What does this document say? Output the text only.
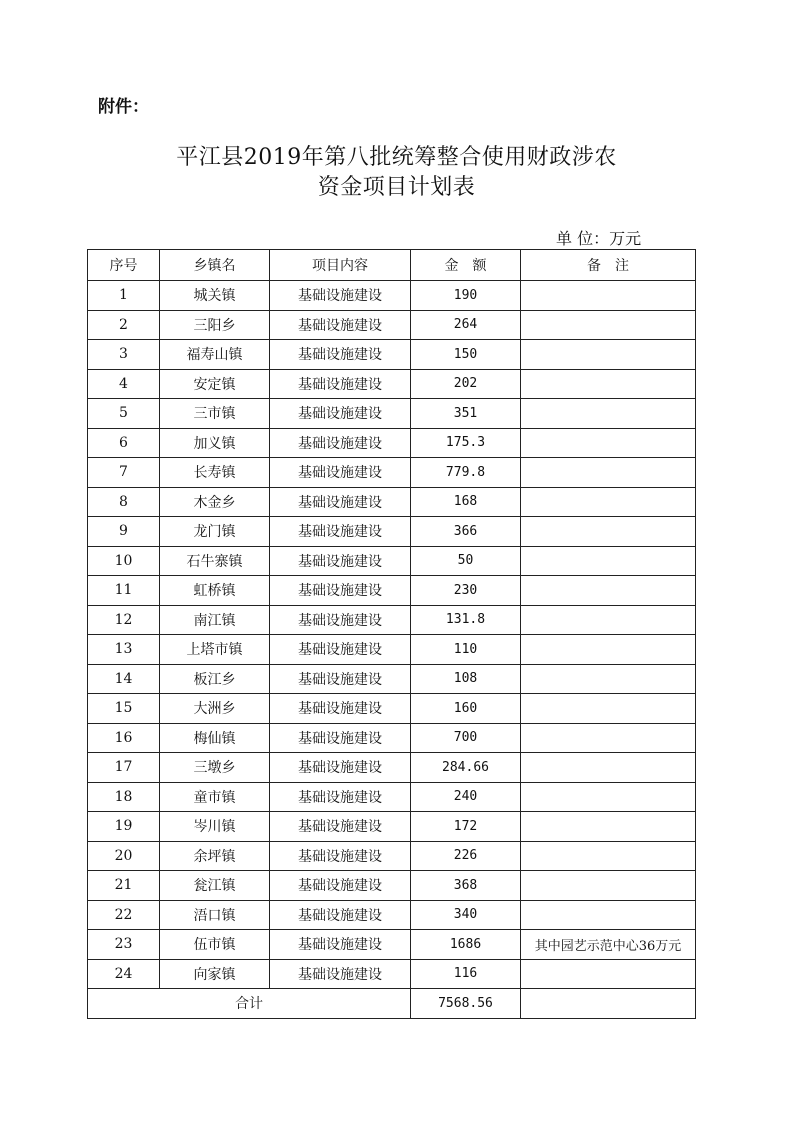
附件：
平江县2019年第八批统筹整合使用财政涉农
资金项目计划表
单 位：万元
序号	乡镇名	项目内容	金　额	备　注
1	城关镇	基础设施建设	190	
2	三阳乡	基础设施建设	264	
3	福寿山镇	基础设施建设	150	
4	安定镇	基础设施建设	202	
5	三市镇	基础设施建设	351	
6	加义镇	基础设施建设	175.3	
7	长寿镇	基础设施建设	779.8	
8	木金乡	基础设施建设	168	
9	龙门镇	基础设施建设	366	
10	石牛寨镇	基础设施建设	50	
11	虹桥镇	基础设施建设	230	
12	南江镇	基础设施建设	131.8	
13	上塔市镇	基础设施建设	110	
14	板江乡	基础设施建设	108	
15	大洲乡	基础设施建设	160	
16	梅仙镇	基础设施建设	700	
17	三墩乡	基础设施建设	284.66	
18	童市镇	基础设施建设	240	
19	岑川镇	基础设施建设	172	
20	余坪镇	基础设施建设	226	
21	瓮江镇	基础设施建设	368	
22	浯口镇	基础设施建设	340	
23	伍市镇	基础设施建设	1686	其中园艺示范中心36万元
24	向家镇	基础设施建设	116	
合计			7568.56	
